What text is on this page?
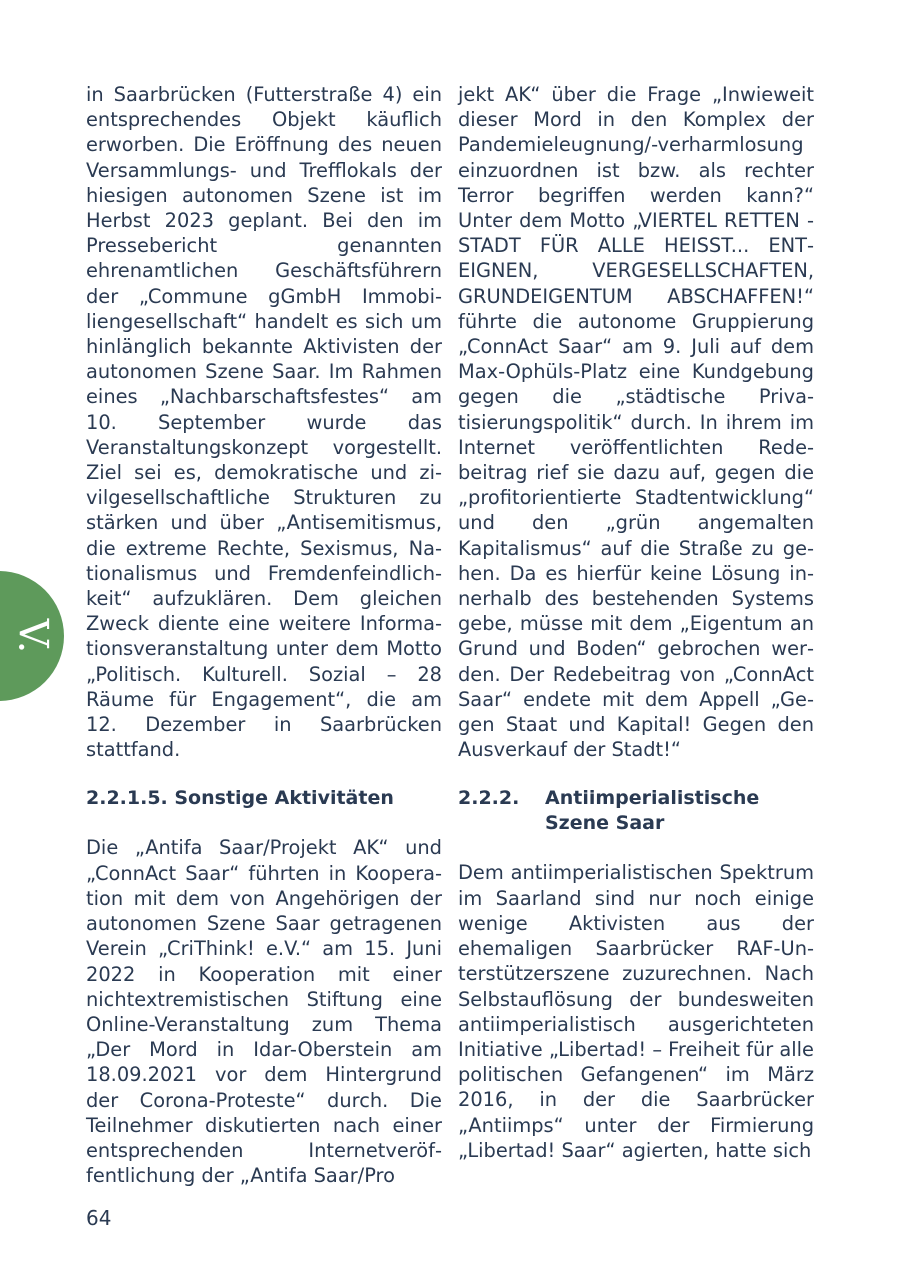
V.

in Saarbrücken (Futterstraße 4) ein entsprechendes Objekt käuflich erworben. Die Eröffnung des neuen Versammlungs- und Trefflokals der hiesigen autonomen Szene ist im Herbst 2023 geplant. Bei den im Pressebericht genannten ehrenamtlichen Geschäftsführern der „Commune gGmbH Immobiliengesellschaft“ handelt es sich um hinlänglich bekannte Aktivisten der autonomen Szene Saar. Im Rahmen eines „Nachbarschaftsfestes“ am 10. September wurde das Veranstaltungskonzept vorgestellt. Ziel sei es, demokratische und zivilgesellschaftliche Strukturen zu stärken und über „Antisemitismus, die extreme Rechte, Sexismus, Nationalismus und Fremdenfeindlichkeit“ aufzuklären. Dem gleichen Zweck diente eine weitere Informationsveranstaltung unter dem Motto „Politisch. Kulturell. Sozial – 28 Räume für Engagement“, die am 12. Dezember in Saarbrücken stattfand.

2.2.1.5. Sonstige Aktivitäten

Die „Antifa Saar/Projekt AK“ und „ConnAct Saar“ führten in Kooperation mit dem von Angehörigen der autonomen Szene Saar getragenen Verein „CriThink! e.V.“ am 15. Juni 2022 in Kooperation mit einer nichtextremistischen Stiftung eine Online-Veranstaltung zum Thema „Der Mord in Idar-Oberstein am 18.09.2021 vor dem Hintergrund der Corona-Proteste“ durch. Die Teilnehmer diskutierten nach einer entsprechenden Internetveröffentlichung der „Antifa Saar/Pro

jekt AK“ über die Frage „Inwieweit dieser Mord in den Komplex der Pandemieleugnung/-verharmlosung einzuordnen ist bzw. als rechter Terror begriffen werden kann?“ Unter dem Motto „VIERTEL RETTEN - STADT FÜR ALLE HEISST... ENTEIGNEN, VERGESELLSCHAFTEN, GRUNDEIGENTUM ABSCHAFFEN!“ führte die autonome Gruppierung „ConnAct Saar“ am 9. Juli auf dem Max-Ophüls-Platz eine Kundgebung gegen die „städtische Privatisierungspolitik“ durch. In ihrem im Internet veröffentlichten Redebeitrag rief sie dazu auf, gegen die „profitorientierte Stadtentwicklung“ und den „grün angemalten Kapitalismus“ auf die Straße zu gehen. Da es hierfür keine Lösung innerhalb des bestehenden Systems gebe, müsse mit dem „Eigentum an Grund und Boden“ gebrochen werden. Der Redebeitrag von „ConnAct Saar“ endete mit dem Appell „Gegen Staat und Kapital! Gegen den Ausverkauf der Stadt!“

2.2.2.	Antiimperialistische Szene Saar

Dem antiimperialistischen Spektrum im Saarland sind nur noch einige wenige Aktivisten aus der ehemaligen Saarbrücker RAF-Unterstützerszene zuzurechnen. Nach Selbstauflösung der bundesweiten antiimperialistisch ausgerichteten Initiative „Libertad! – Freiheit für alle politischen Gefangenen“ im März 2016, in der die Saarbrücker „Antiimps“ unter der Firmierung „Libertad! Saar“ agierten, hatte sich

64
